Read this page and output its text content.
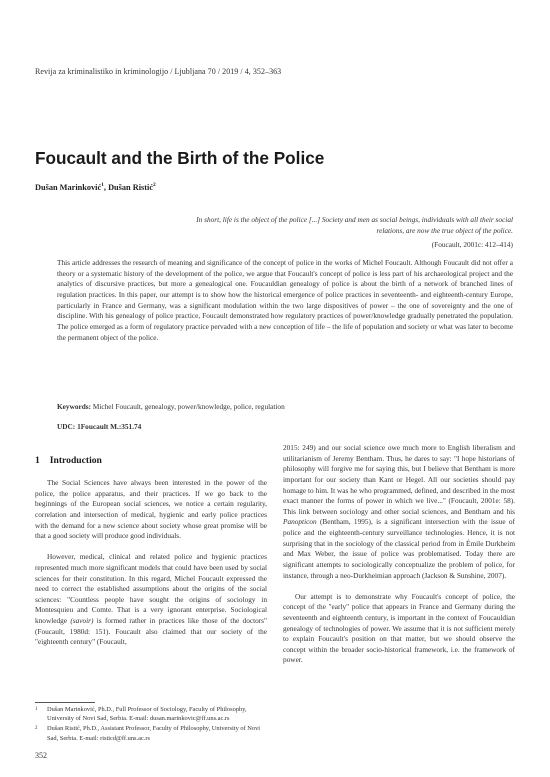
Revija za kriminalistiko in kriminologijo / Ljubljana 70 / 2019 / 4, 352–363
Foucault and the Birth of the Police
Dušan Marinković$^1$, Dušan Ristić$^2$
In short, life is the object of the police [...] Society and men as social beings, individuals with all their social relations, are now the true object of the police.
(Foucault, 2001c: 412–414)
This article addresses the research of meaning and significance of the concept of police in the works of Michel Foucault. Although Foucault did not offer a theory or a systematic history of the development of the police, we argue that Foucault's concept of police is less part of his archaeological project and the analytics of discursive practices, but more a genealogical one. Foucauldian genealogy of police is about the birth of a network of branched lines of regulation practices. In this paper, our attempt is to show how the historical emergence of police practices in seventeenth- and eighteenth-century Europe, particularly in France and Germany, was a significant modulation within the two large dispositives of power – the one of sovereignty and the one of discipline. With his genealogy of police practice, Foucault demonstrated how regulatory practices of power/knowledge gradually penetrated the population. The police emerged as a form of regulatory practice pervaded with a new conception of life – the life of population and society or what was later to become the permanent object of the police.
Keywords: Michel Foucault, genealogy, power/knowledge, police, regulation
UDC: 1Foucault M.:351.74
1 Introduction

The Social Sciences have always been interested in the power of the police, the police apparatus, and their practices. If we go back to the beginnings of the European social sciences, we notice a certain regularity, correlation and intersection of medical, hygienic and early police practices with the demand for a new science about society whose great promise will be that a good society will produce good individuals.

However, medical, clinical and related police and hygienic practices represented much more significant models that could have been used by social sciences for their constitution. In this regard, Michel Foucault expressed the need to correct the established assumptions about the origins of the social sciences: "Countless people have sought the origins of sociology in Montesquieu and Comte. That is a very ignorant enterprise. Sociological knowledge (savoir) is formed rather in practices like those of the doctors" (Foucault, 1980d: 151). Foucault also claimed that our society of the "eighteenth century" (Foucault,

2015: 249) and our social science owe much more to English liberalism and utilitarianism of Jeremy Bentham. Thus, he dares to say: "I hope historians of philosophy will forgive me for saying this, but I believe that Bentham is more important for our society than Kant or Hegel. All our societies should pay homage to him. It was he who programmed, defined, and described in the most exact manner the forms of power in which we live..." (Foucault, 2001e: 58). This link between sociology and other social sciences, and Bentham and his Panopticon (Bentham, 1995), is a significant intersection with the issue of police and the eighteenth-century surveillance technologies. Hence, it is not surprising that in the sociology of the classical period from in Émile Durkheim and Max Weber, the issue of police was problematised. Today there are significant attempts to sociologically conceptualize the problem of police, for instance, through a neo-Durkheimian approach (Jackson & Sunshine, 2007).

Our attempt is to demonstrate why Foucault's concept of police, the concept of the "early" police that appears in France and Germany during the seventeenth and eighteenth century, is important in the context of Foucauldian genealogy of technologies of power. We assume that it is not sufficient merely to explain Foucault's position on that matter, but we should observe the concept within the broader socio-historical framework, i.e. the framework of power.

1	Dušan Marinković, Ph.D., Full Professor of Sociology, Faculty of Philosophy, University of Novi Sad, Serbia. E-mail: dusan.marinkovic@ff.uns.ac.rs
2	Dušan Ristić, Ph.D., Assistant Professor, Faculty of Philosophy, University of Novi Sad, Serbia. E-mail: risticd@ff.uns.ac.rs
352
